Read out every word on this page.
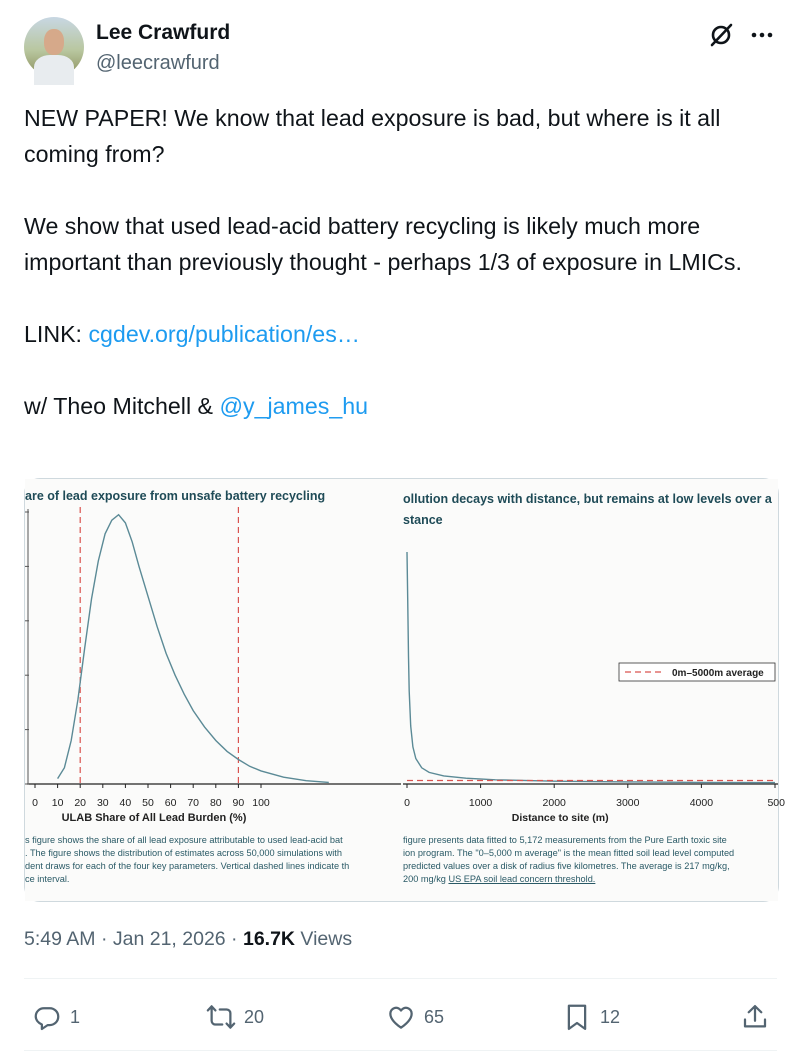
Lee Crawfurd
@leecrawfurd

NEW PAPER! We know that lead exposure is bad, but where is it all coming from?

We show that used lead-acid battery recycling is likely much more important than previously thought - perhaps 1/3 of exposure in LMICs.

LINK: cgdev.org/publication/es…

w/ Theo Mitchell & @y_james_hu

are of lead exposure from unsafe battery recycling
0 10 20 30 40 50 60 70 80 90 100
ULAB Share of All Lead Burden (%)
s figure shows the share of all lead exposure attributable to used lead-acid bat
. The figure shows the distribution of estimates across 50,000 simulations with
dent draws for each of the four key parameters. Vertical dashed lines indicate th
ce interval.
ollution decays with distance, but remains at low levels over a
stance
0m–5000m average
0	1000	2000	3000	4000	500
Distance to site (m)
figure presents data fitted to 5,172 measurements from the Pure Earth toxic site
ion program. The "0–5,000 m average" is the mean fitted soil lead level computed
predicted values over a disk of radius five kilometres. The average is 217 mg/kg,
200 mg/kg US EPA soil lead concern threshold.
5:49 AM · Jan 21, 2026 · 16.7K Views
1	20	65	12
